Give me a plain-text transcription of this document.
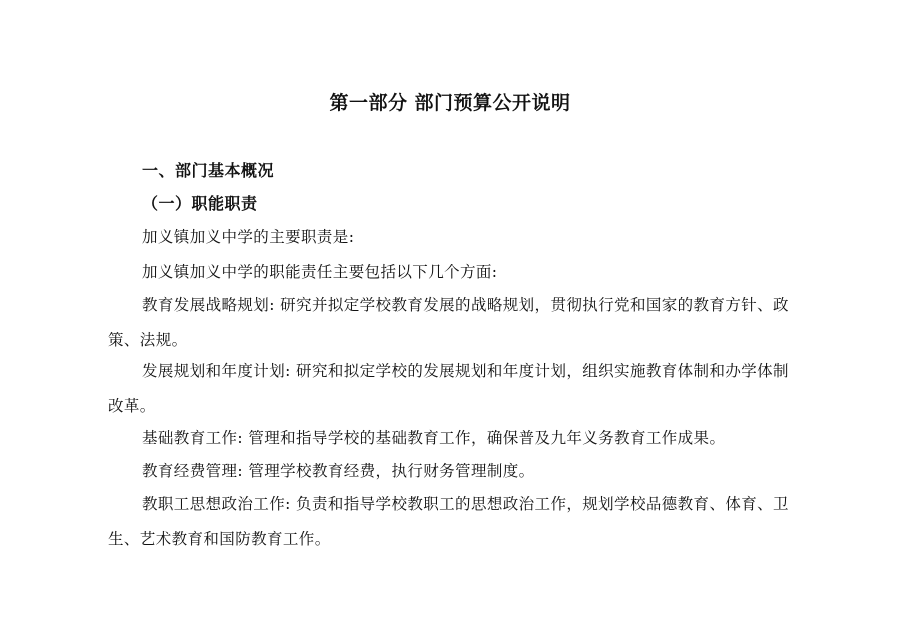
第一部分 部门预算公开说明
一、部门基本概况
（一）职能职责

加义镇加义中学的主要职责是:

加义镇加义中学的职能责任主要包括以下几个方面:

教育发展战略规划: 研究并拟定学校教育发展的战略规划，贯彻执行党和国家的教育方针、政策、法规。

发展规划和年度计划: 研究和拟定学校的发展规划和年度计划，组织实施教育体制和办学体制改革。

基础教育工作: 管理和指导学校的基础教育工作，确保普及九年义务教育工作成果。

教育经费管理: 管理学校教育经费，执行财务管理制度。

教职工思想政治工作: 负责和指导学校教职工的思想政治工作，规划学校品德教育、体育、卫生、艺术教育和国防教育工作。
